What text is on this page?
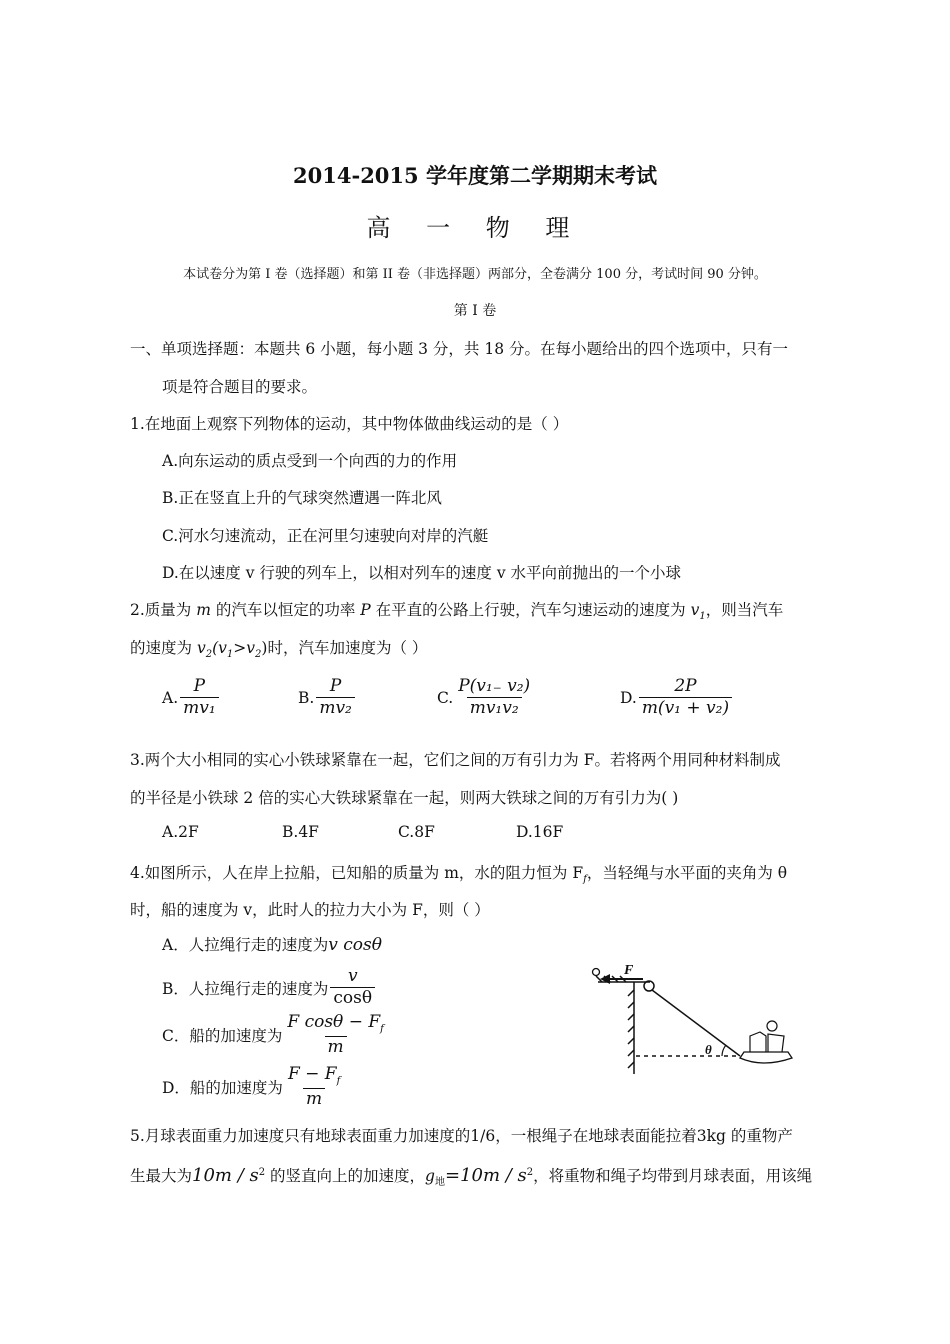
2014-2015 学年度第二学期期末考试
高 一 物 理
本试卷分为第 I 卷（选择题）和第 II 卷（非选择题）两部分，全卷满分 100 分，考试时间 90 分钟。
第 I 卷
一、单项选择题：本题共 6 小题，每小题 3 分，共 18 分。在每小题给出的四个选项中，只有一
项是符合题目的要求。
1.在地面上观察下列物体的运动，其中物体做曲线运动的是（ ）
A.向东运动的质点受到一个向西的力的作用
B.正在竖直上升的气球突然遭遇一阵北风
C.河水匀速流动，正在河里匀速驶向对岸的汽艇
D.在以速度 v 行驶的列车上，以相对列车的速度 v 水平向前抛出的一个小球
2.质量为 m 的汽车以恒定的功率 P 在平直的公路上行驶，汽车匀速运动的速度为 $v_1$，则当汽车
的速度为 $v_2(v_1>v_2)$时，汽车加速度为（ ）
A. $\frac{P}{\text{mv₁}}$	B. $\frac{P}{\text{mv₂}}$	C. $\frac{\text{P(v₁₋ v₂)}}{\text{mv₁v₂}}$	D. $\frac{2P}{\text{m(v₁ + v₂)}}$
3.两个大小相同的实心小铁球紧靠在一起，它们之间的万有引力为 F。若将两个用同种材料制成
的半径是小铁球 2 倍的实心大铁球紧靠在一起，则两大铁球之间的万有引力为( )
A.2F	B.4F	C.8F	D.16F
4.如图所示，人在岸上拉船，已知船的质量为 m，水的阻力恒为 $F_f$，当轻绳与水平面的夹角为 θ
时，船的速度为 v，此时人的拉力大小为 F，则（ ）
A．人拉绳行走的速度为v cosθ
B．人拉绳行走的速度为 $\frac{v}{\cos\theta}$
C．船的加速度为 $\frac{F \cos\theta - F_f}{m}$
D．船的加速度为 $\frac{F - F_f}{m}$
F
θ
5.月球表面重力加速度只有地球表面重力加速度的1/6，一根绳子在地球表面能拉着3kg 的重物产
生最大为$10m / s^2$ 的竖直向上的加速度，$g_地=10m / s^2$，将重物和绳子均带到月球表面，用该绳
